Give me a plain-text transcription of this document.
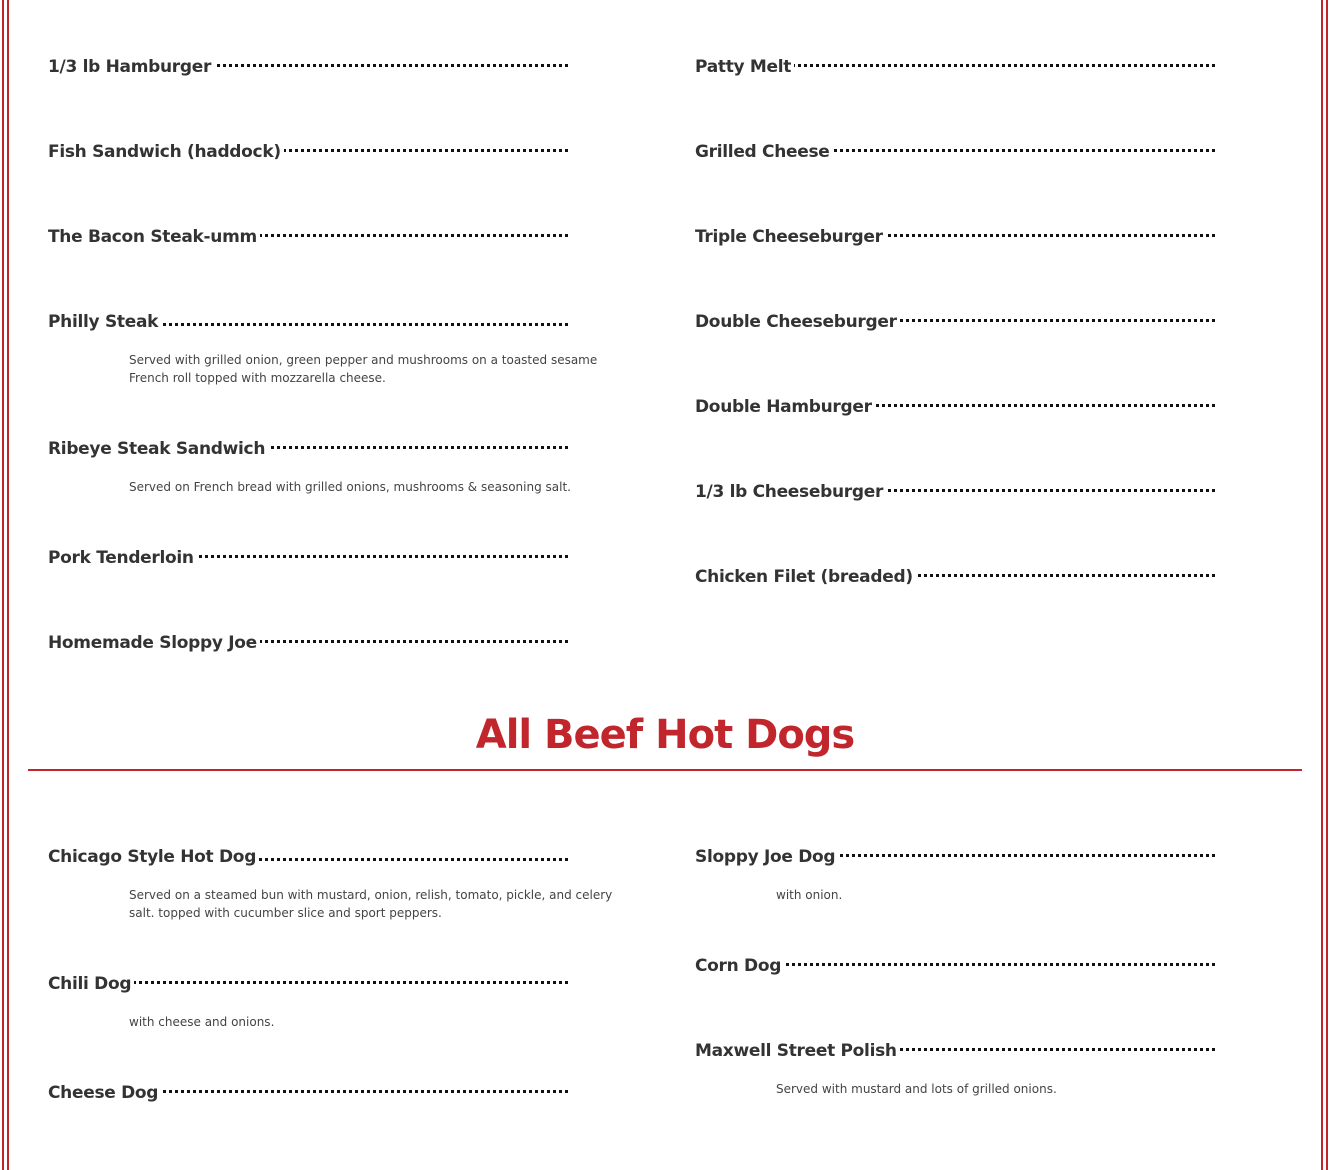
1/3 lb Hamburger
Fish Sandwich (haddock)
The Bacon Steak-umm
Philly Steak
Served with grilled onion, green pepper and mushrooms on a toasted sesame French roll topped with mozzarella cheese.
Ribeye Steak Sandwich
Served on French bread with grilled onions, mushrooms & seasoning salt.
Pork Tenderloin
Homemade Sloppy Joe
Patty Melt
Grilled Cheese
Triple Cheeseburger
Double Cheeseburger
Double Hamburger
1/3 lb Cheeseburger
Chicken Filet (breaded)
All Beef Hot Dogs
Chicago Style Hot Dog
Served on a steamed bun with mustard, onion, relish, tomato, pickle, and celery salt. topped with cucumber slice and sport peppers.
Chili Dog
with cheese and onions.
Cheese Dog
Sloppy Joe Dog
with onion.
Corn Dog
Maxwell Street Polish
Served with mustard and lots of grilled onions.
